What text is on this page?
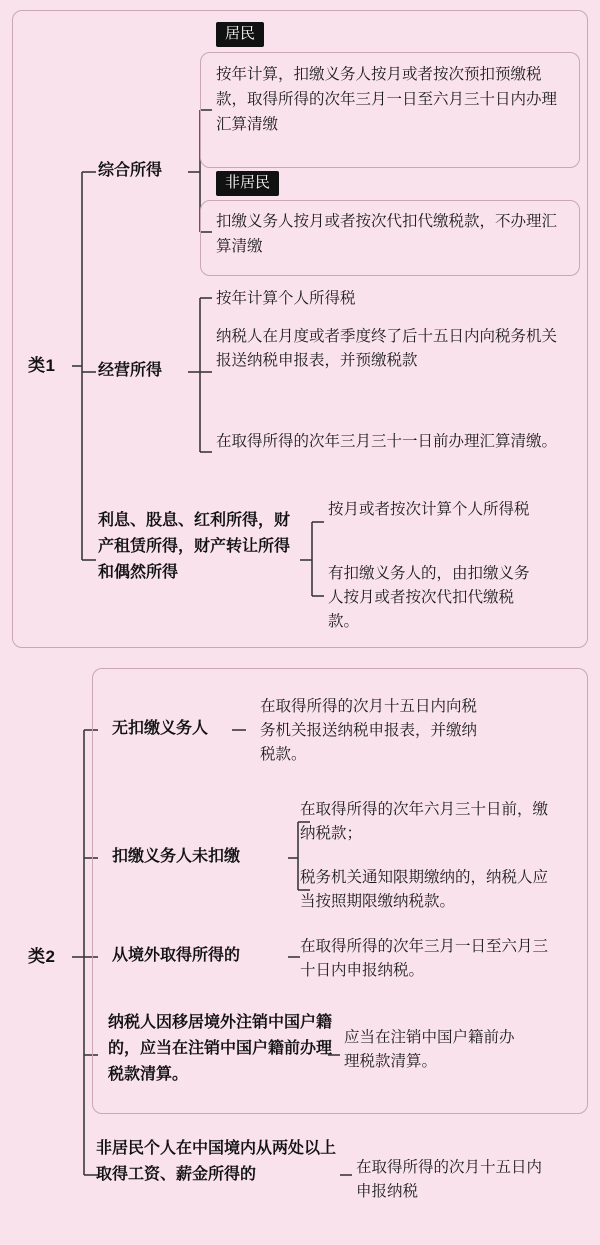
类1
综合所得
居民
按年计算，扣缴义务人按月或者按次预扣预缴税款，取得所得的次年三月一日至六月三十日内办理汇算清缴
非居民
扣缴义务人按月或者按次代扣代缴税款，不办理汇算清缴
经营所得
按年计算个人所得税
纳税人在月度或者季度终了后十五日内向税务机关报送纳税申报表，并预缴税款
在取得所得的次年三月三十一日前办理汇算清缴。
利息、股息、红利所得，财产租赁所得，财产转让所得和偶然所得
按月或者按次计算个人所得税
有扣缴义务人的，由扣缴义务人按月或者按次代扣代缴税款。
类2
无扣缴义务人
在取得所得的次月十五日内向税务机关报送纳税申报表，并缴纳税款。
扣缴义务人未扣缴
在取得所得的次年六月三十日前，缴纳税款；
税务机关通知限期缴纳的，纳税人应当按照期限缴纳税款。
从境外取得所得的
在取得所得的次年三月一日至六月三十日内申报纳税。
纳税人因移居境外注销中国户籍的，应当在注销中国户籍前办理税款清算。
应当在注销中国户籍前办理税款清算。
非居民个人在中国境内从两处以上取得工资、薪金所得的	在取得所得的次月十五日内申报纳税
